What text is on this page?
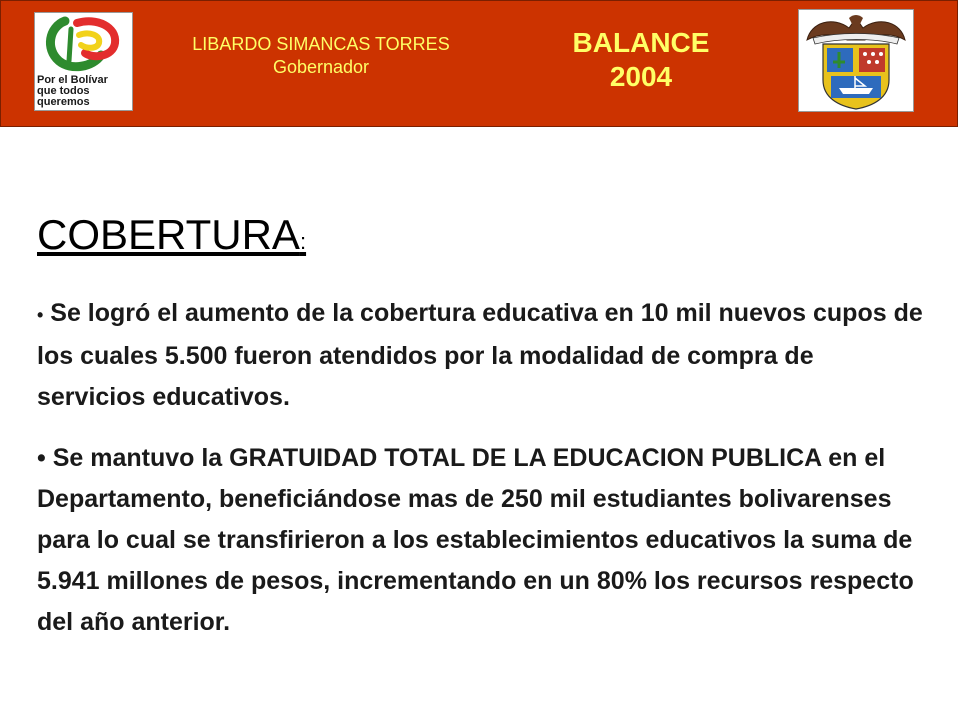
Por el Bolívar
que todos
queremos
LIBARDO SIMANCAS TORRES
Gobernador
BALANCE
2004
COBERTURA:
• Se logró el aumento de la cobertura educativa en 10 mil nuevos cupos de los cuales 5.500 fueron atendidos por la modalidad de compra de servicios educativos.
• Se mantuvo la GRATUIDAD TOTAL DE LA EDUCACION PUBLICA en el Departamento, beneficiándose mas de 250 mil estudiantes bolivarenses para lo cual se transfirieron a los establecimientos educativos la suma de 5.941 millones de pesos, incrementando en un 80% los recursos respecto del año anterior.
